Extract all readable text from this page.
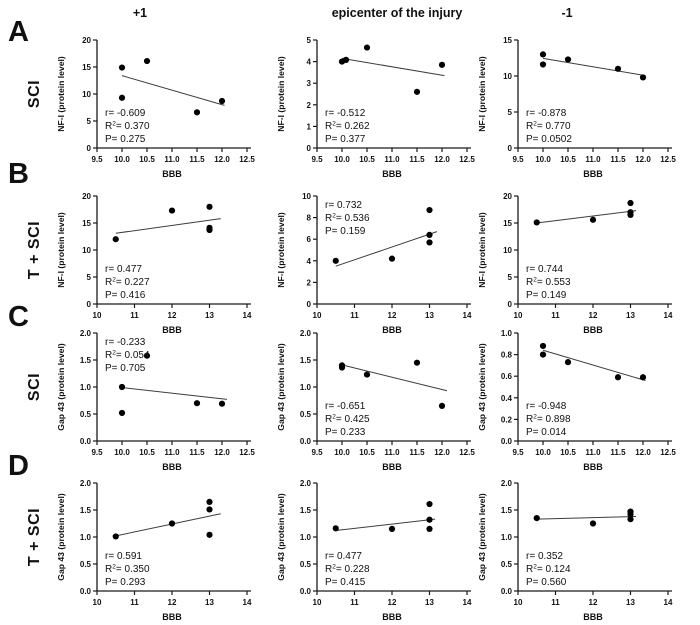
+1	epicenter of the injury	-1
A
B
C
D
SCI
T + SCI
SCI
T + SCI
0
5
10
15
20
9.5 10.0 10.5 11.0 11.5 12.0 12.5
NF-I (protein level)
BBB
r= -0.609
$R^2= 0.370$
P= 0.275
0
1
2
3
4
5
9.5 10.0 10.5 11.0 11.5 12.0 12.5
NF-I (protein level)
BBB
r= -0.512
$R^2= 0.262$
P= 0.377
0
5
10
15
9.5 10.0 10.5 11.0 11.5 12.0 12.5
NF-I (protein level)
BBB
r= -0.878
$R^2= 0.770$
P= 0.0502
0
5
10
15
20
10	11	12	13	14
NF-I (protein level)
BBB
r= 0.477
$R^2= 0.227$
P= 0.416
0
2
4
6
8
10
10	11	12	13	14
NF-I (protein level)
BBB
r= 0.732
$R^2= 0.536$
P= 0.159
0
5
10
15
20
10	11	12	13	14
NF-I (protein level)
BBB
r= 0.744
$R^2= 0.553$
P= 0.149
0.0
0.5
1.0
1.5
2.0
9.5 10.0 10.5 11.0 11.5 12.0 12.5
Gap 43 (protein level)
BBB
r= -0.233
$R^2= 0.054$
P= 0.705
0.0
0.5
1.0
1.5
2.0
9.5 10.0 10.5 11.0 11.5 12.0 12.5
Gap 43 (protein level)
BBB
r= -0.651
$R^2= 0.425$
P= 0.233
0.0
0.2
0.4
0.6
0.8
1.0
9.5 10.0 10.5 11.0 11.5 12.0 12.5
Gap 43 (protein level)
BBB
r= -0.948
$R^2= 0.898$
P= 0.014
0.0
0.5
1.0
1.5
2.0
10	11	12	13	14
Gap 43 (protein level)
BBB
r= 0.591
$R^2= 0.350$
P= 0.293
0.0
0.5
1.0
1.5
2.0
10	11	12	13	14
Gap 43 (protein level)
BBB
r= 0.477
$R^2= 0.228$
P= 0.415
0.0
0.5
1.0
1.5
2.0
10	11	12	13	14
Gap 43 (protein level)
BBB
r= 0.352
$R^2= 0.124$
P= 0.560
